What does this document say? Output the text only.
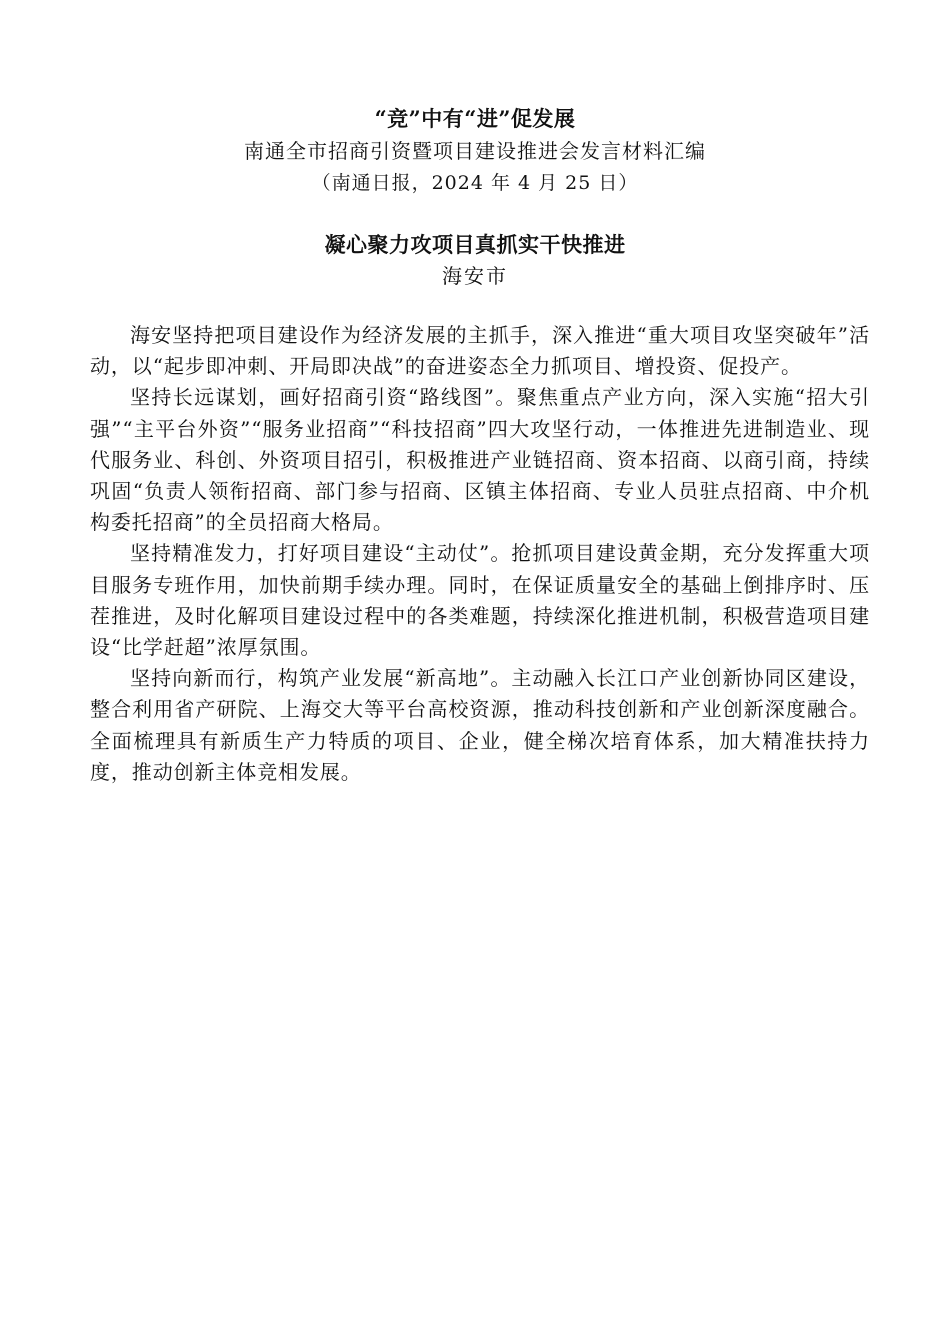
“竞”中有“进”促发展
南通全市招商引资暨项目建设推进会发言材料汇编
（南通日报，2024 年 4 月 25 日）
凝心聚力攻项目真抓实干快推进
海安市

海安坚持把项目建设作为经济发展的主抓手，深入推进“重大项目攻坚突破年”活动，以“起步即冲刺、开局即决战”的奋进姿态全力抓项目、增投资、促投产。

坚持长远谋划，画好招商引资“路线图”。聚焦重点产业方向，深入实施“招大引强”“主平台外资”“服务业招商”“科技招商”四大攻坚行动，一体推进先进制造业、现代服务业、科创、外资项目招引，积极推进产业链招商、资本招商、以商引商，持续巩固“负责人领衔招商、部门参与招商、区镇主体招商、专业人员驻点招商、中介机构委托招商”的全员招商大格局。

坚持精准发力，打好项目建设“主动仗”。抢抓项目建设黄金期，充分发挥重大项目服务专班作用，加快前期手续办理。同时，在保证质量安全的基础上倒排序时、压茬推进，及时化解项目建设过程中的各类难题，持续深化推进机制，积极营造项目建设“比学赶超”浓厚氛围。

坚持向新而行，构筑产业发展“新高地”。主动融入长江口产业创新协同区建设，整合利用省产研院、上海交大等平台高校资源，推动科技创新和产业创新深度融合。全面梳理具有新质生产力特质的项目、企业，健全梯次培育体系，加大精准扶持力度，推动创新主体竞相发展。
